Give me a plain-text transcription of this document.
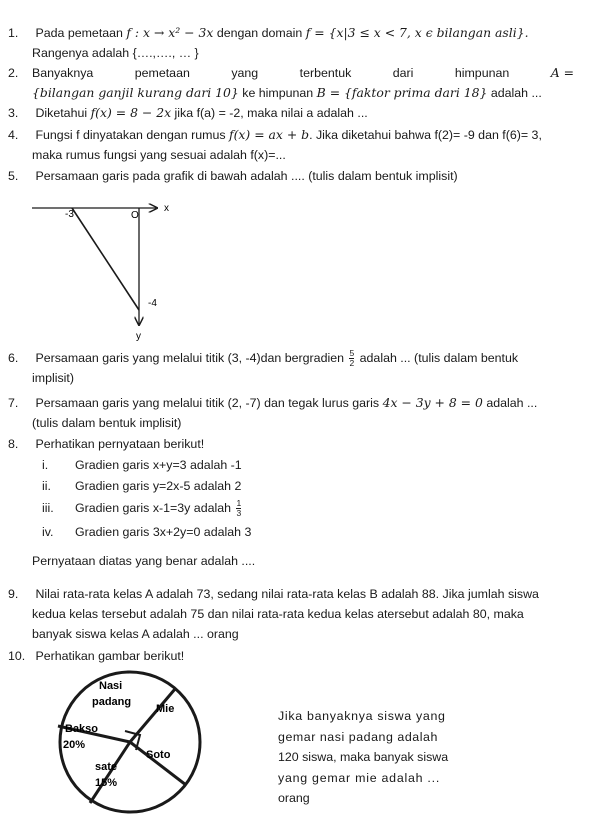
1. Pada pemetaan f : x → x² − 3x dengan domain f = {x|3 ≤ x < 7, x ϵ bilangan asli}.
Rangenya adalah {….,…., … }
2.	Banyaknya	pemetaan	yang	terbentuk	dari	himpunan	A =
{bilangan ganjil kurang dari 10} ke himpunan B = {faktor prima dari 18} adalah ...
3. Diketahui f(x) = 8 − 2x jika f(a) = -2, maka nilai a adalah ...
4. Fungsi f dinyatakan dengan rumus f(x) = ax + b. Jika diketahui bahwa f(2)= -9 dan f(6)= 3,
maka rumus fungsi yang sesuai adalah f(x)=...
5. Persamaan garis pada grafik di bawah adalah .... (tulis dalam bentuk implisit)
x
y
-3	O
-4
6. Persamaan garis yang melalui titik (3, -4)dan bergradien $\frac{5}{2}$ adalah ... (tulis dalam bentuk
implisit)
7. Persamaan garis yang melalui titik (2, -7) dan tegak lurus garis 4x − 3y + 8 = 0 adalah ...
(tulis dalam bentuk implisit)
8. Perhatikan pernyataan berikut!
i. Gradien garis x+y=3 adalah -1
ii. Gradien garis y=2x-5 adalah 2
iii. Gradien garis x-1=3y adalah $\frac{1}{3}$
iv. Gradien garis 3x+2y=0 adalah 3
Pernyataan diatas yang benar adalah ....
9. Nilai rata-rata kelas A adalah 73, sedang nilai rata-rata kelas B adalah 88. Jika jumlah siswa
kedua kelas tersebut adalah 75 dan nilai rata-rata kedua kelas atersebut adalah 80, maka
banyak siswa kelas A adalah ... orang
10. Perhatikan gambar berikut!
Nasi
padang
Mie
Bakso
20%
Soto
sate
15%
Jika banyaknya siswa yang
gemar nasi padang adalah
120 siswa, maka banyak siswa
yang gemar mie adalah ...
orang
